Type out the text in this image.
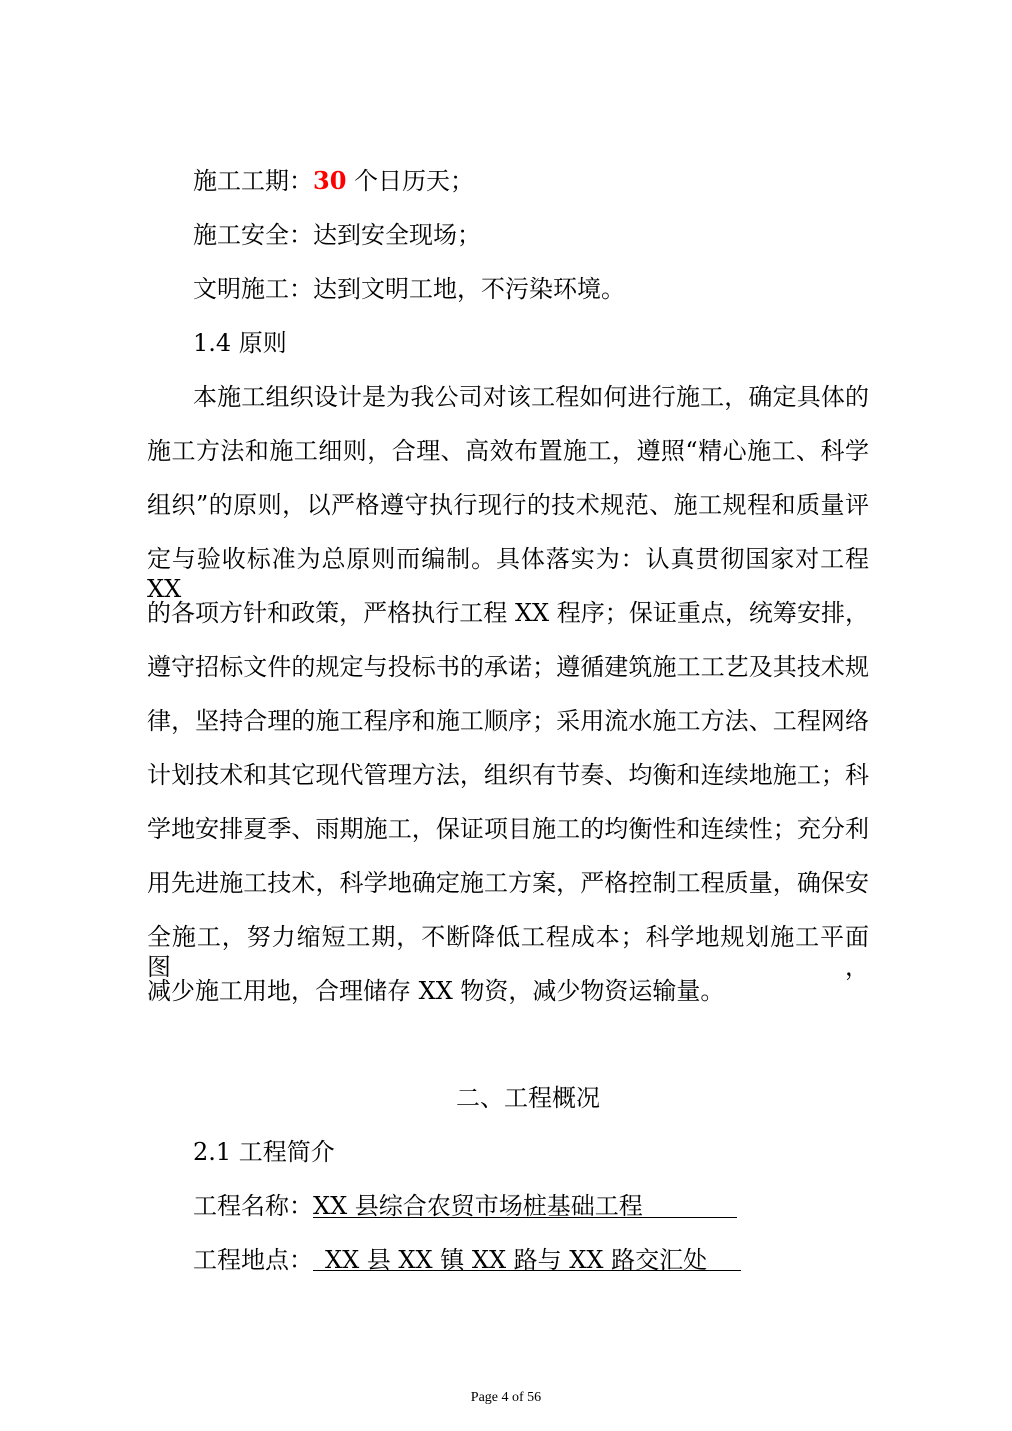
施工工期：30 个日历天；
施工安全：达到安全现场；
文明施工：达到文明工地，不污染环境。
1.4 原则
本施工组织设计是为我公司对该工程如何进行施工，确定具体的
施工方法和施工细则，合理、高效布置施工，遵照“精心施工、科学
组织”的原则，以严格遵守执行现行的技术规范、施工规程和质量评
定与验收标准为总原则而编制。具体落实为：认真贯彻国家对工程XX
的各项方针和政策，严格执行工程 XX 程序；保证重点，统筹安排，
遵守招标文件的规定与投标书的承诺；遵循建筑施工工艺及其技术规
律，坚持合理的施工程序和施工顺序；采用流水施工方法、工程网络
计划技术和其它现代管理方法，组织有节奏、均衡和连续地施工；科
学地安排夏季、雨期施工，保证项目施工的均衡性和连续性；充分利
用先进施工技术，科学地确定施工方案，严格控制工程质量，确保安
全施工，努力缩短工期，不断降低工程成本；科学地规划施工平面图，
减少施工用地，合理储存 XX 物资，减少物资运输量。
二、工程概况
2.1 工程简介
工程名称：XX 县综合农贸市场桩基础工程
工程地点： XX 县 XX 镇 XX 路与 XX 路交汇处
Page 4 of 56
